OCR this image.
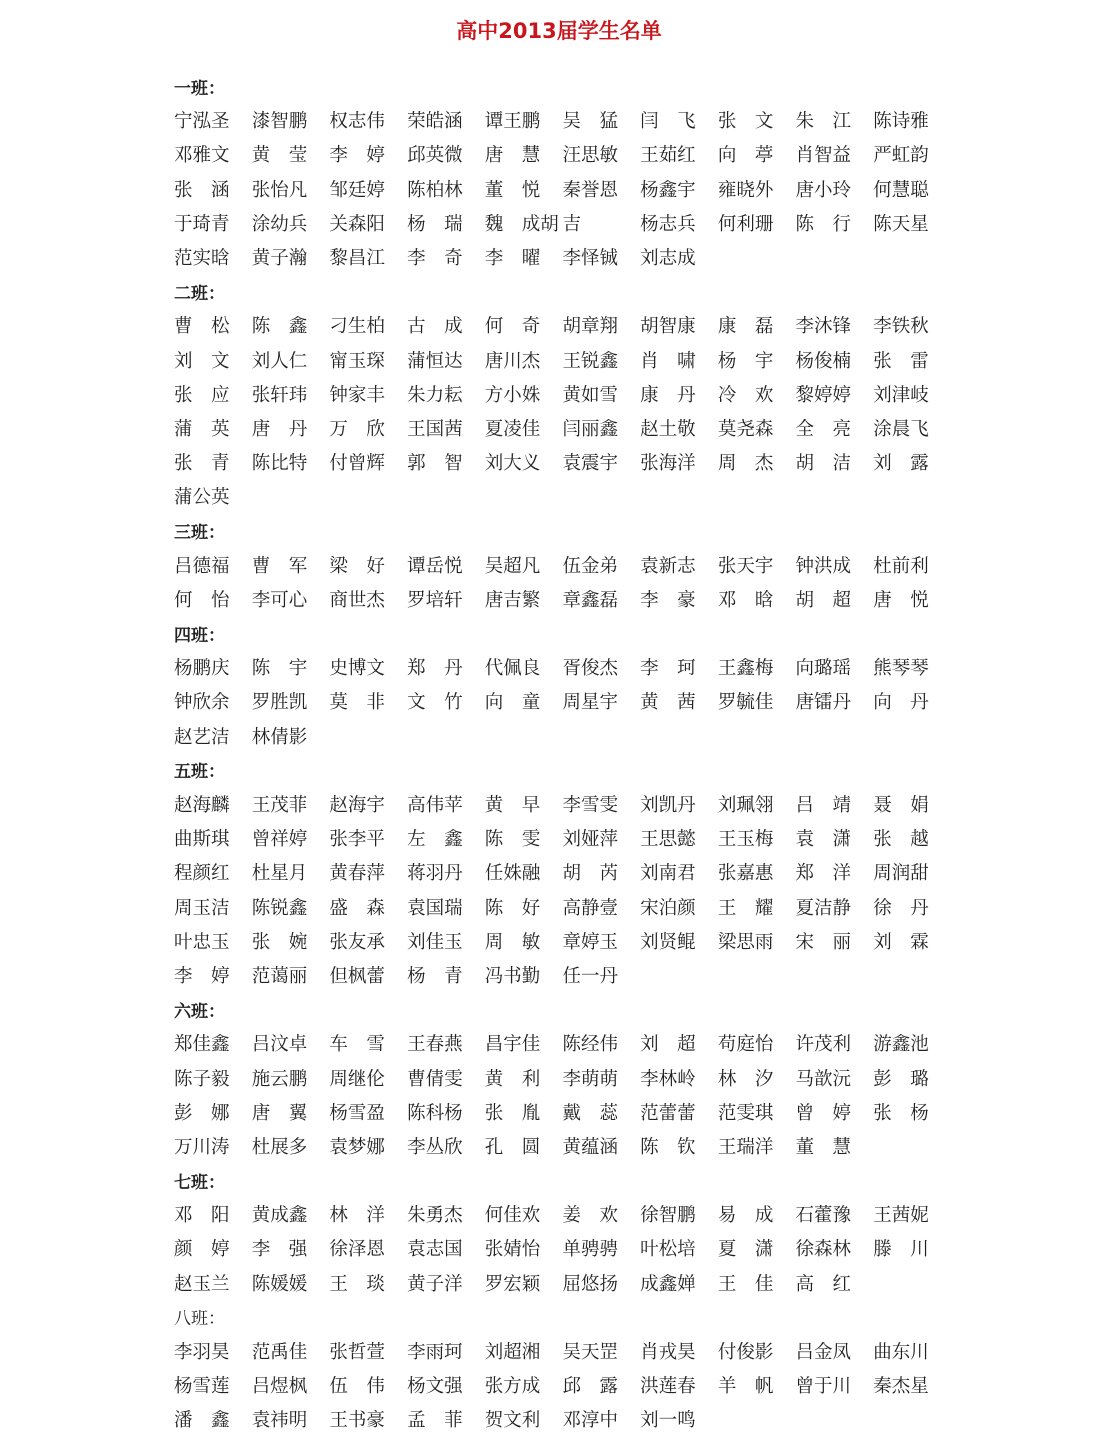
高中2013届学生名单
一班：
宁泓圣	漆智鹏	权志伟	荣皓涵	谭王鹏	吴　猛	闫　飞	张　文	朱　江	陈诗雅
邓雅文	黄　莹	李　婷	邱英微	唐　慧	汪思敏	王茹红	向　葶	肖智益	严虹韵
张　涵	张怡凡	邹廷婷	陈柏林	董　悦	秦誉恩	杨鑫宇	雍晓外	唐小玲	何慧聪
于琦青	涂幼兵	关森阳	杨　瑞	魏　成胡 吉	杨志兵	何利珊	陈　行	陈天星
范实晗	黄子瀚	黎昌江	李　奇	李　曜	李怿铖	刘志成
二班：
曹　松	陈　鑫	刁生柏	古　成	何　奇	胡章翔	胡智康	康　磊	李沐锋	李铁秋
刘　文	刘人仁	甯玉琛	蒲恒达	唐川杰	王锐鑫	肖　啸	杨　宇	杨俊楠	张　雷
张　应	张轩玮	钟家丰	朱力耘	方小姝	黄如雪	康　丹	冷　欢	黎婷婷	刘津岐
蒲　英	唐　丹	万　欣	王国茜	夏凌佳	闫丽鑫	赵土敬	莫尧森	全　亮	涂晨飞
张　青	陈比特	付曾辉	郭　智	刘大义	袁震宇	张海洋	周　杰	胡　洁	刘　露
蒲公英
三班：
吕德福	曹　军	梁　好	谭岳悦	吴超凡	伍金弟	袁新志	张天宇	钟洪成	杜前利
何　怡	李可心	商世杰	罗培轩	唐吉繁	章鑫磊	李　豪	邓　晗	胡　超	唐　悦
四班：
杨鹏庆	陈　宇	史博文	郑　丹	代佩良	胥俊杰	李　珂	王鑫梅	向璐瑶	熊琴琴
钟欣余	罗胜凯	莫　非	文　竹	向　童	周星宇	黄　茜	罗毓佳	唐镭丹	向　丹
赵艺洁	林倩影
五班：
赵海麟	王茂菲	赵海宇	高伟苹	黄　早	李雪雯	刘凯丹	刘珮翎	吕　靖	聂　娟
曲斯琪	曾祥婷	张李平	左　鑫	陈　雯	刘娅萍	王思懿	王玉梅	袁　潇	张　越
程颜红	杜星月	黄春萍	蒋羽丹	任姝融	胡　芮	刘南君	张嘉惠	郑　洋	周润甜
周玉洁	陈锐鑫	盛　森	袁国瑞	陈　好	高静壹	宋泊颜	王　耀	夏洁静	徐　丹
叶忠玉	张　婉	张友承	刘佳玉	周　敏	章婷玉	刘贤鲲	梁思雨	宋　丽	刘　霖
李　婷	范蔼丽	但枫蕾	杨　青	冯书勤	任一丹
六班：
郑佳鑫	吕汶卓	车　雪	王春燕	昌宇佳	陈经伟	刘　超	苟庭怡	许茂利	游鑫池
陈子毅	施云鹏	周继伦	曹倩雯	黄　利	李萌萌	李林岭	林　汐	马歆沅	彭　璐
彭　娜	唐　翼	杨雪盈	陈科杨	张　胤	戴　蕊	范蕾蕾	范雯琪	曾　婷	张　杨
万川涛	杜展多	袁梦娜	李丛欣	孔　圆	黄蕴涵	陈　钦	王瑞洋	董　慧
七班：
邓　阳	黄成鑫	林　洋	朱勇杰	何佳欢	姜　欢	徐智鹏	易　成	石藿豫	王茜妮
颜　婷	李　强	徐泽恩	袁志国	张婧怡	单骋骋	叶松培	夏　潇	徐森林	滕　川
赵玉兰	陈媛媛	王　琰	黄子洋	罗宏颖	屈悠扬	成鑫婵	王　佳	高　红
八班：
李羽昊	范禹佳	张哲萱	李雨珂	刘超湘	吴天罡	肖戎昊	付俊影	吕金凤	曲东川
杨雪莲	吕煜枫	伍　伟	杨文强	张方成	邱　露	洪莲春	羊　帆	曾于川	秦杰星
潘　鑫	袁祎明	王书豪	孟　菲	贺文利	邓淳中	刘一鸣
